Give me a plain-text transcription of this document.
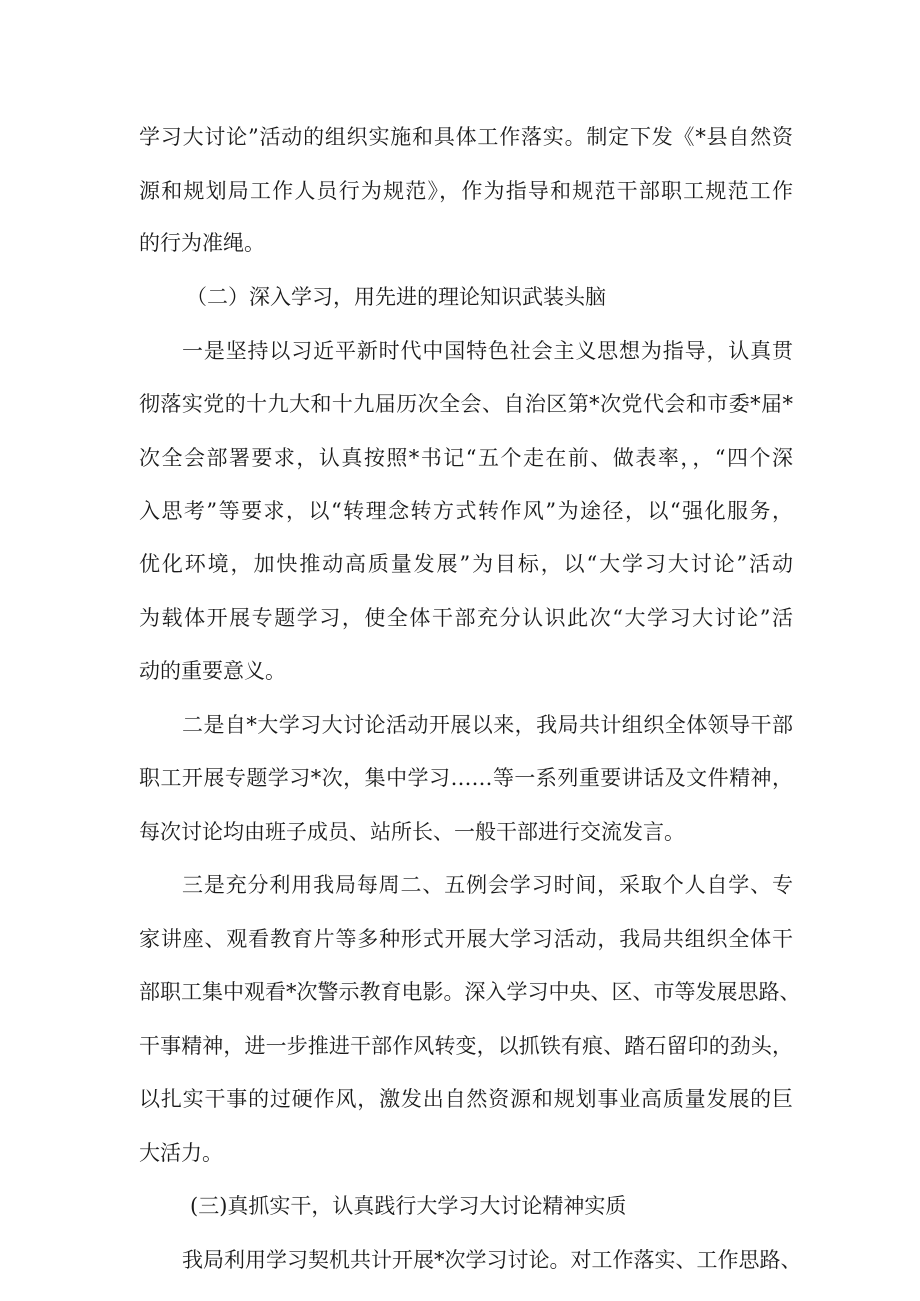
学习大讨论”活动的组织实施和具体工作落实。制定下发《*县自然资

源和规划局工作人员行为规范》，作为指导和规范干部职工规范工作

的行为准绳。

（二）深入学习，用先进的理论知识武装头脑

一是坚持以习近平新时代中国特色社会主义思想为指导，认真贯

彻落实党的十九大和十九届历次全会、自治区第*次党代会和市委*届*

次全会部署要求，认真按照*书记“五个走在前、做表率，，“四个深

入思考”等要求，以“转理念转方式转作风”为途径，以“强化服务，

优化环境，加快推动高质量发展”为目标，以“大学习大讨论”活动

为载体开展专题学习，使全体干部充分认识此次“大学习大讨论”活

动的重要意义。

二是自*大学习大讨论活动开展以来，我局共计组织全体领导干部

职工开展专题学习*次，集中学习……等一系列重要讲话及文件精神，

每次讨论均由班子成员、站所长、一般干部进行交流发言。

三是充分利用我局每周二、五例会学习时间，采取个人自学、专

家讲座、观看教育片等多种形式开展大学习活动，我局共组织全体干

部职工集中观看*次警示教育电影。深入学习中央、区、市等发展思路、

干事精神，进一步推进干部作风转变，以抓铁有痕、踏石留印的劲头，

以扎实干事的过硬作风，激发出自然资源和规划事业高质量发展的巨

大活力。

(三)真抓实干，认真践行大学习大讨论精神实质

我局利用学习契机共计开展*次学习讨论。对工作落实、工作思路、
